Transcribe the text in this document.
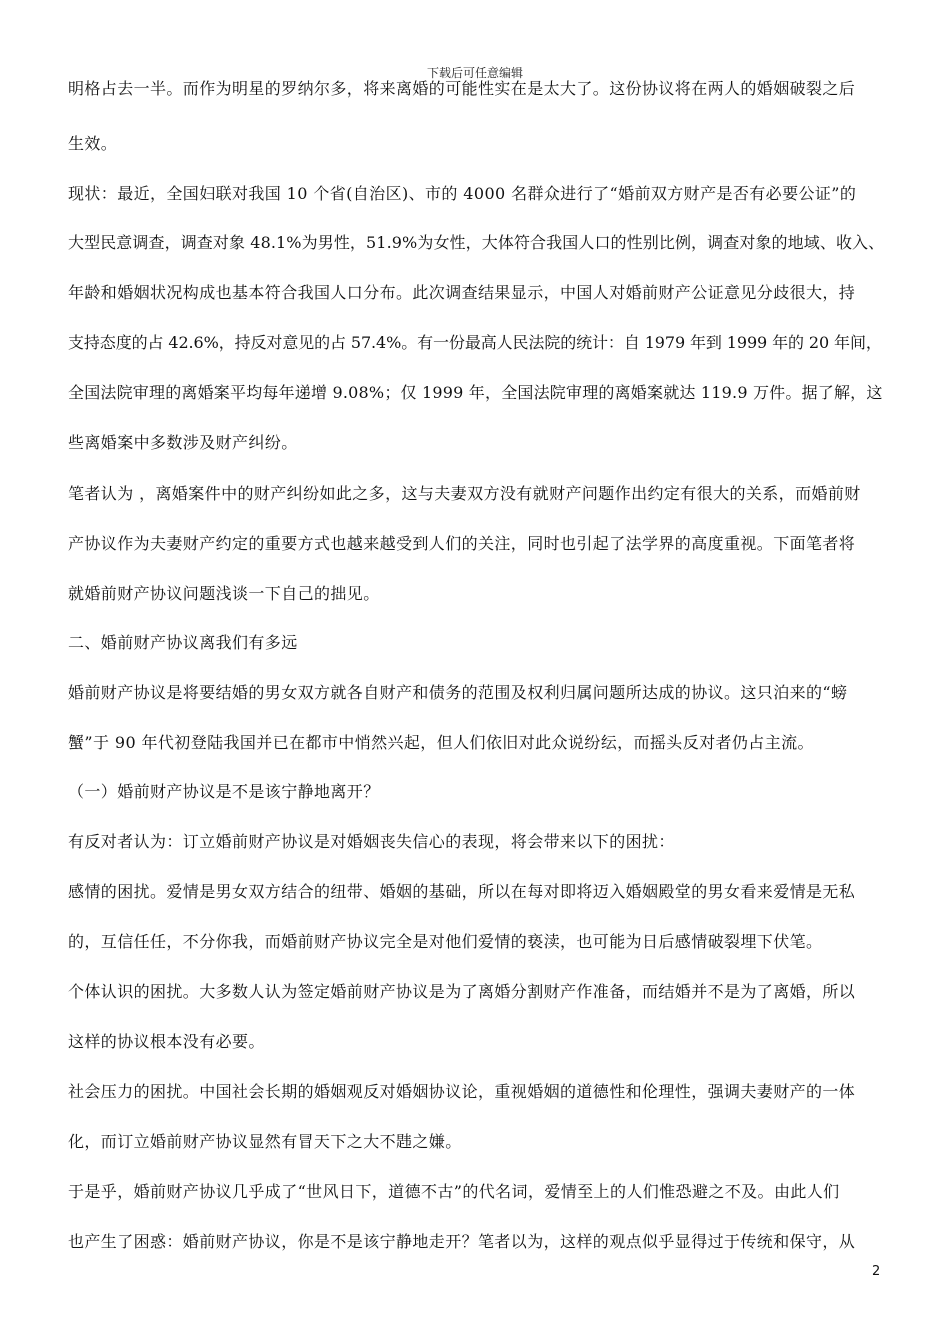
下载后可任意编辑
明格占去一半。而作为明星的罗纳尔多，将来离婚的可能性实在是太大了。这份协议将在两人的婚姻破裂之后
生效。
现状：最近，全国妇联对我国 10 个省(自治区)、市的 4000 名群众进行了“婚前双方财产是否有必要公证”的
大型民意调查，调查对象 48.1%为男性，51.9%为女性，大体符合我国人口的性别比例，调查对象的地域、收入、
年龄和婚姻状况构成也基本符合我国人口分布。此次调查结果显示，中国人对婚前财产公证意见分歧很大，持
支持态度的占 42.6%，持反对意见的占 57.4%。有一份最高人民法院的统计：自 1979 年到 1999 年的 20 年间，
全国法院审理的离婚案平均每年递增 9.08%；仅 1999 年，全国法院审理的离婚案就达 119.9 万件。据了解，这
些离婚案中多数涉及财产纠纷。
笔者认为 ，离婚案件中的财产纠纷如此之多，这与夫妻双方没有就财产问题作出约定有很大的关系，而婚前财
产协议作为夫妻财产约定的重要方式也越来越受到人们的关注，同时也引起了法学界的高度重视。下面笔者将
就婚前财产协议问题浅谈一下自己的拙见。
二、婚前财产协议离我们有多远
婚前财产协议是将要结婚的男女双方就各自财产和债务的范围及权利归属问题所达成的协议。这只泊来的“螃
蟹”于 90 年代初登陆我国并已在都市中悄然兴起，但人们依旧对此众说纷纭，而摇头反对者仍占主流。
（一）婚前财产协议是不是该宁静地离开？
有反对者认为：订立婚前财产协议是对婚姻丧失信心的表现，将会带来以下的困扰：
感情的困扰。爱情是男女双方结合的纽带、婚姻的基础，所以在每对即将迈入婚姻殿堂的男女看来爱情是无私
的，互信任任，不分你我，而婚前财产协议完全是对他们爱情的亵渎，也可能为日后感情破裂埋下伏笔。
个体认识的困扰。大多数人认为签定婚前财产协议是为了离婚分割财产作准备，而结婚并不是为了离婚，所以
这样的协议根本没有必要。
社会压力的困扰。中国社会长期的婚姻观反对婚姻协议论，重视婚姻的道德性和伦理性，强调夫妻财产的一体
化，而订立婚前财产协议显然有冒天下之大不韪之嫌。
于是乎，婚前财产协议几乎成了“世风日下，道德不古”的代名词，爱情至上的人们惟恐避之不及。由此人们
也产生了困惑：婚前财产协议，你是不是该宁静地走开？笔者以为，这样的观点似乎显得过于传统和保守，从
2
